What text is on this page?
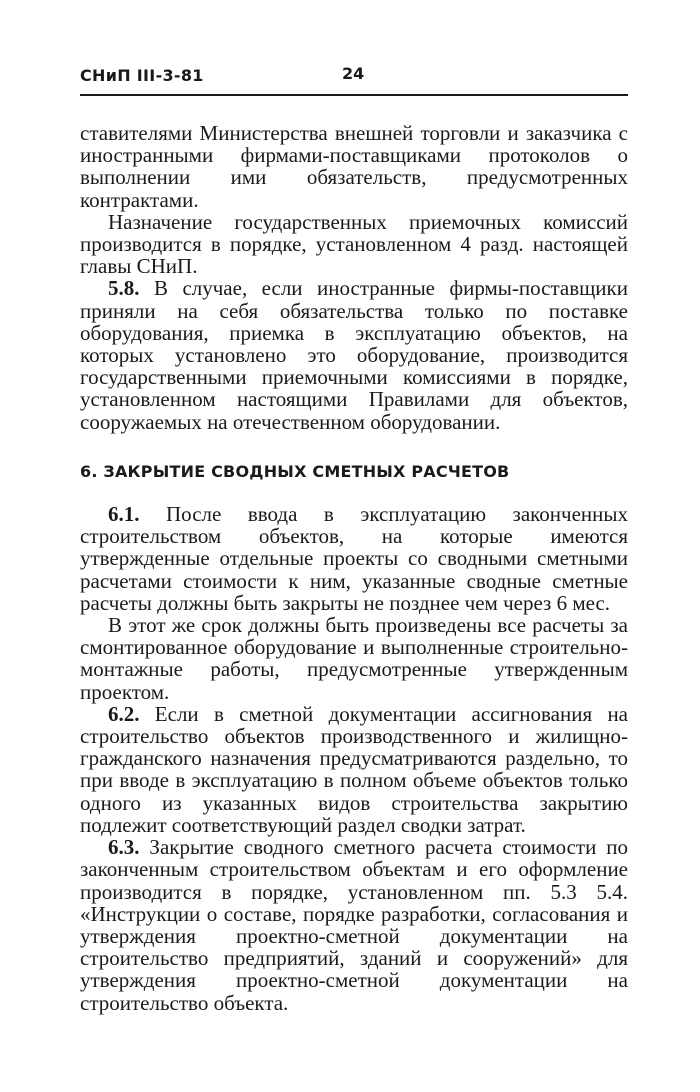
СНиП III-3-81	24

ставителями Министерства внешней торговли и заказчика с иностранными фирмами-поставщиками протоколов о выполнении ими обязательств, предусмотренных контрактами.

Назначение государственных приемочных комиссий производится в порядке, установленном 4 разд. настоящей главы СНиП.

5.8. В случае, если иностранные фирмы-поставщики приняли на себя обязательства только по поставке оборудования, приемка в эксплуатацию объектов, на которых установлено это оборудование, производится государственными приемочными комиссиями в порядке, установленном настоящими Правилами для объектов, сооружаемых на отечественном оборудовании.

6. ЗАКРЫТИЕ СВОДНЫХ СМЕТНЫХ РАСЧЕТОВ

6.1. После ввода в эксплуатацию законченных строительством объектов, на которые имеются утвержденные отдельные проекты со сводными сметными расчетами стоимости к ним, указанные сводные сметные расчеты должны быть закрыты не позднее чем через 6 мес.

В этот же срок должны быть произведены все расчеты за смонтированное оборудование и выполненные строительно-монтажные работы, предусмотренные утвержденным проектом.

6.2. Если в сметной документации ассигнования на строительство объектов производственного и жилищно-гражданского назначения предусматриваются раздельно, то при вводе в эксплуатацию в полном объеме объектов только одного из указанных видов строительства закрытию подлежит соответствующий раздел сводки затрат.

6.3. Закрытие сводного сметного расчета стоимости по законченным строительством объектам и его оформление производится в порядке, установленном пп. 5.3 5.4. «Инструкции о составе, порядке разработки, согласования и утверждения проектно-сметной документации на строительство предприятий, зданий и сооружений» для утверждения проектно-сметной документации на строительство объекта.
